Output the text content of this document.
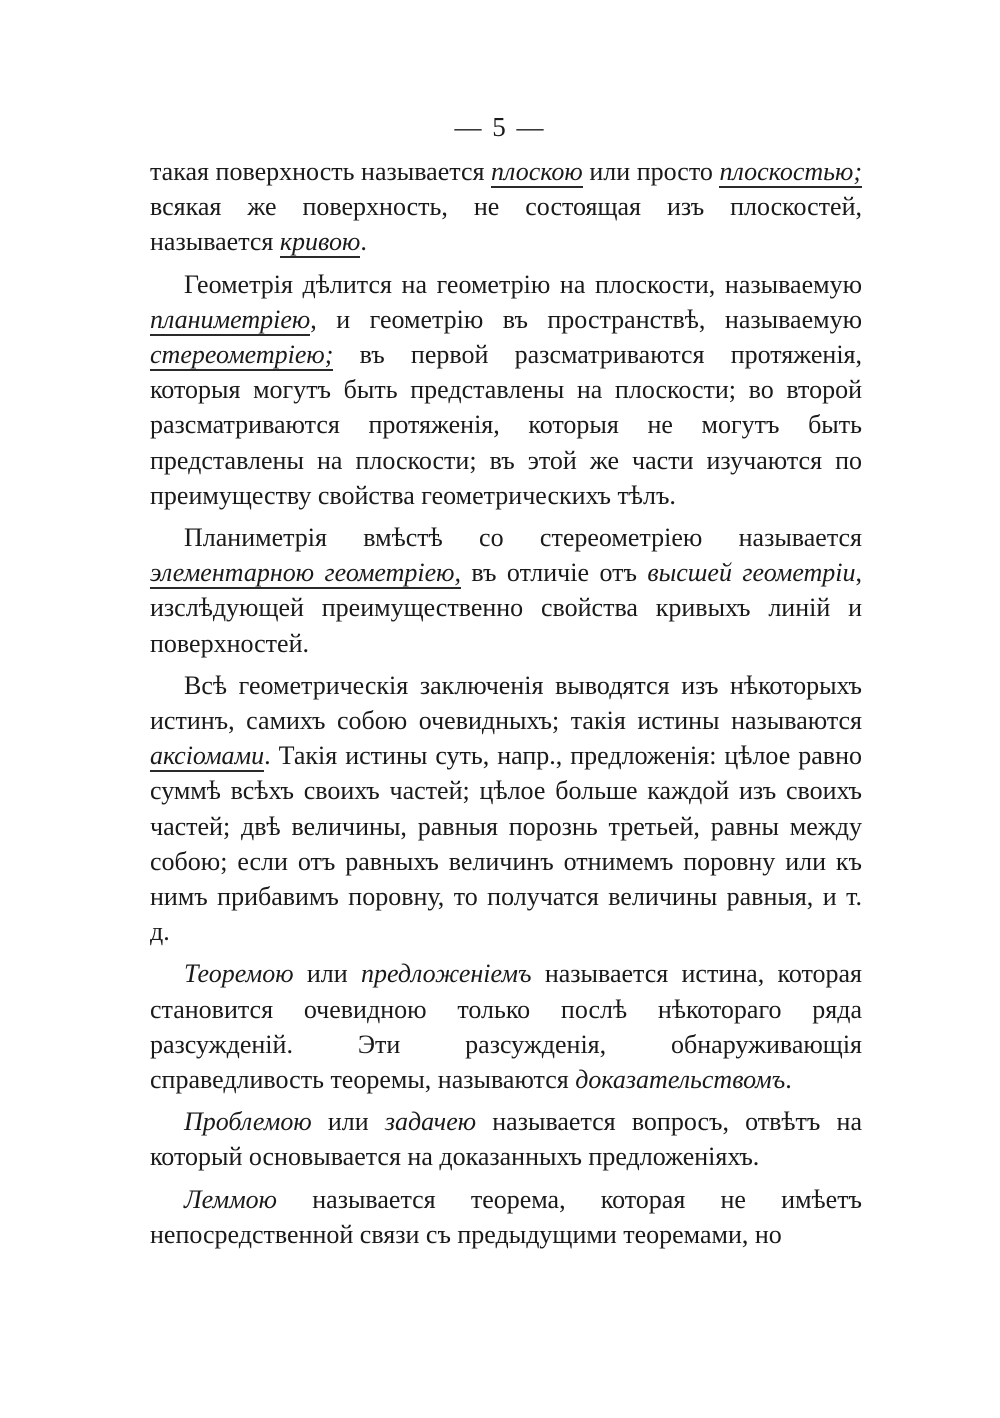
— 5 —

такая поверхность называется плоскою или просто плоскостью; всякая же поверхность, не состоящая изъ плоскостей, называется кривою.

Геометрія дѣлится на геометрію на плоскости, называемую планиметріею, и геометрію въ пространствѣ, называемую стереометріею; въ первой разсматриваются протяженія, которыя могутъ быть представлены на плоскости; во второй разсматриваются протяженія, которыя не могутъ быть представлены на плоскости; въ этой же части изучаются по преимуществу свойства геометрическихъ тѣлъ.

Планиметрія вмѣстѣ со стереометріею называется элементарною геометріею, въ отличіе отъ высшей геометріи, изслѣдующей преимущественно свойства кривыхъ линій и поверхностей.

Всѣ геометрическія заключенія выводятся изъ нѣкоторыхъ истинъ, самихъ собою очевидныхъ; такія истины называются аксіомами. Такія истины суть, напр., предложенія: цѣлое равно суммѣ всѣхъ своихъ частей; цѣлое больше каждой изъ своихъ частей; двѣ величины, равныя порознь третьей, равны между собою; если отъ равныхъ величинъ отнимемъ поровну или къ нимъ прибавимъ поровну, то получатся величины равныя, и т. д.

Теоремою или предложеніемъ называется истина, которая становится очевидною только послѣ нѣкотораго ряда разсужденій. Эти разсужденія, обнаруживающія справедливость теоремы, называются доказательствомъ.

Проблемою или задачею называется вопросъ, отвѣтъ на который основывается на доказанныхъ предложеніяхъ.

Леммою называется теорема, которая не имѣетъ непосредственной связи съ предыдущими теоремами, но
